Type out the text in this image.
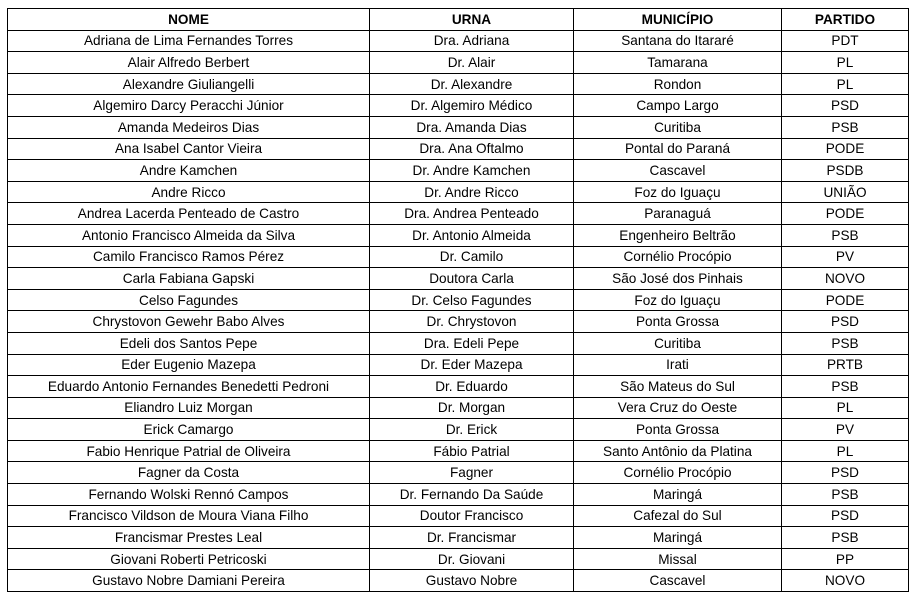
NOME	URNA	MUNICÍPIO	PARTIDO
Adriana de Lima Fernandes Torres	Dra. Adriana	Santana do Itararé	PDT
Alair Alfredo Berbert	Dr. Alair	Tamarana	PL
Alexandre Giuliangelli	Dr. Alexandre	Rondon	PL
Algemiro Darcy Peracchi Júnior	Dr. Algemiro Médico	Campo Largo	PSD
Amanda Medeiros Dias	Dra. Amanda Dias	Curitiba	PSB
Ana Isabel Cantor Vieira	Dra. Ana Oftalmo	Pontal do Paraná	PODE
Andre Kamchen	Dr. Andre Kamchen	Cascavel	PSDB
Andre Ricco	Dr. Andre Ricco	Foz do Iguaçu	UNIÃO
Andrea Lacerda Penteado de Castro	Dra. Andrea Penteado	Paranaguá	PODE
Antonio Francisco Almeida da Silva	Dr. Antonio Almeida	Engenheiro Beltrão	PSB
Camilo Francisco Ramos Pérez	Dr. Camilo	Cornélio Procópio	PV
Carla Fabiana Gapski	Doutora Carla	São José dos Pinhais	NOVO
Celso Fagundes	Dr. Celso Fagundes	Foz do Iguaçu	PODE
Chrystovon Gewehr Babo Alves	Dr. Chrystovon	Ponta Grossa	PSD
Edeli dos Santos Pepe	Dra. Edeli Pepe	Curitiba	PSB
Eder Eugenio Mazepa	Dr. Eder Mazepa	Irati	PRTB
Eduardo Antonio Fernandes Benedetti Pedroni	Dr. Eduardo	São Mateus do Sul	PSB
Eliandro Luiz Morgan	Dr. Morgan	Vera Cruz do Oeste	PL
Erick Camargo	Dr. Erick	Ponta Grossa	PV
Fabio Henrique Patrial de Oliveira	Fábio Patrial	Santo Antônio da Platina	PL
Fagner da Costa	Fagner	Cornélio Procópio	PSD
Fernando Wolski Rennó Campos	Dr. Fernando Da Saúde	Maringá	PSB
Francisco Vildson de Moura Viana Filho	Doutor Francisco	Cafezal do Sul	PSD
Francismar Prestes Leal	Dr. Francismar	Maringá	PSB
Giovani Roberti Petricoski	Dr. Giovani	Missal	PP
Gustavo Nobre Damiani Pereira	Gustavo Nobre	Cascavel	NOVO
